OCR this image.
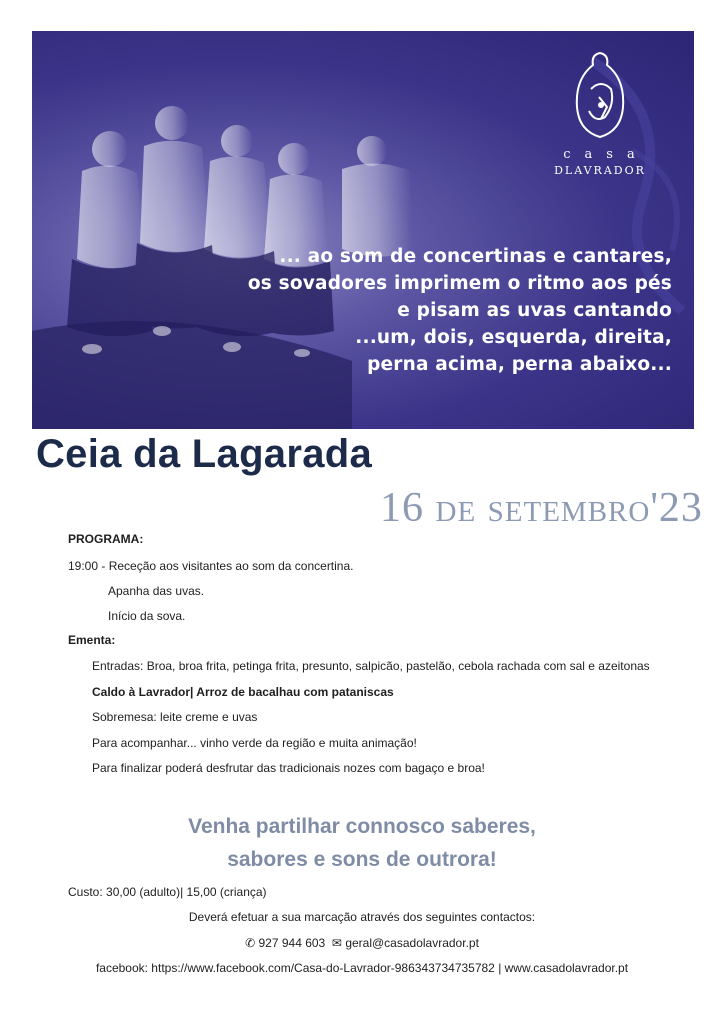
casa
DLAVRADOR
... ao som de concertinas e cantares,
os sovadores imprimem o ritmo aos pés
e pisam as uvas cantando
...um, dois, esquerda, direita,
perna acima, perna abaixo...
Ceia da Lagarada
16 de setembro'23
PROGRAMA:
19:00 - Receção aos visitantes ao som da concertina.
Apanha das uvas.
Início da sova.
Ementa:
Entradas: Broa, broa frita, petinga frita, presunto, salpicão, pastelão, cebola rachada com sal e azeitonas
Caldo à Lavrador| Arroz de bacalhau com pataniscas
Sobremesa: leite creme e uvas
Para acompanhar... vinho verde da região e muita animação!
Para finalizar poderá desfrutar das tradicionais nozes com bagaço e broa!
Venha partilhar connosco saberes,
sabores e sons de outrora!
Custo: 30,00 (adulto)| 15,00 (criança)
Deverá efetuar a sua marcação através dos seguintes contactos:
✆ 927 944 603 ✉ geral@casadolavrador.pt
facebook: https://www.facebook.com/Casa-do-Lavrador-986343734735782 | www.casadolavrador.pt
